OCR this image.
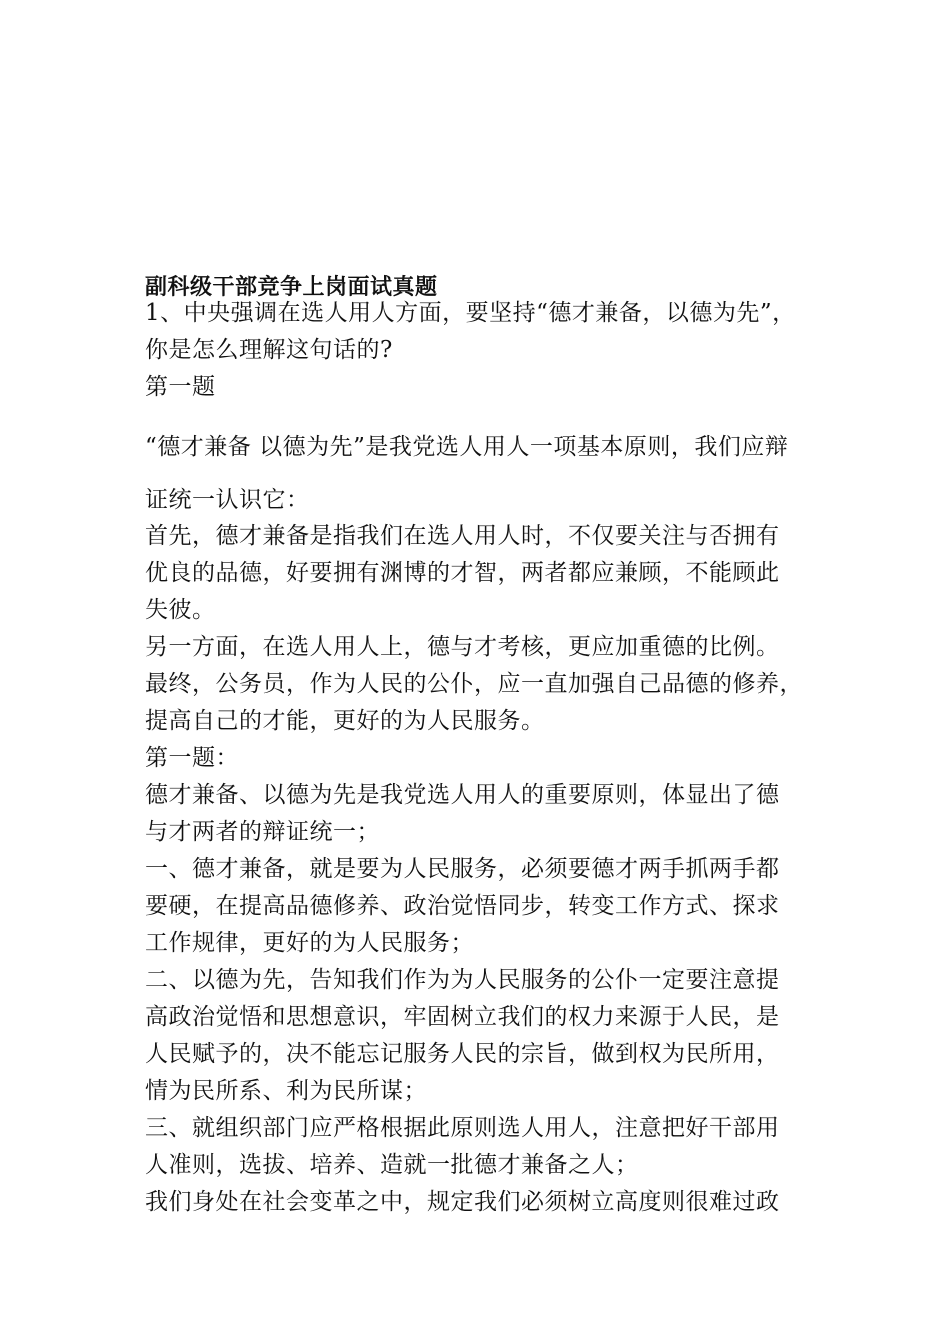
副科级干部竞争上岗面试真题
1、中央强调在选人用人方面，要坚持“德才兼备，以德为先”，
你是怎么理解这句话的?
第一题
“德才兼备 以德为先”是我党选人用人一项基本原则，我们应辩
证统一认识它：
首先，德才兼备是指我们在选人用人时，不仅要关注与否拥有
优良的品德，好要拥有渊博的才智，两者都应兼顾，不能顾此
失彼。
另一方面，在选人用人上，德与才考核，更应加重德的比例。
最终，公务员，作为人民的公仆，应一直加强自己品德的修养，
提高自己的才能，更好的为人民服务。
第一题：
德才兼备、以德为先是我党选人用人的重要原则，体显出了德
与才两者的辩证统一；
一、德才兼备，就是要为人民服务，必须要德才两手抓两手都
要硬，在提高品德修养、政治觉悟同步，转变工作方式、探求
工作规律，更好的为人民服务；
二、以德为先，告知我们作为为人民服务的公仆一定要注意提
高政治觉悟和思想意识，牢固树立我们的权力来源于人民，是
人民赋予的，决不能忘记服务人民的宗旨，做到权为民所用，
情为民所系、利为民所谋；
三、就组织部门应严格根据此原则选人用人，注意把好干部用
人准则，选拔、培养、造就一批德才兼备之人；
我们身处在社会变革之中，规定我们必须树立高度则很难过政
